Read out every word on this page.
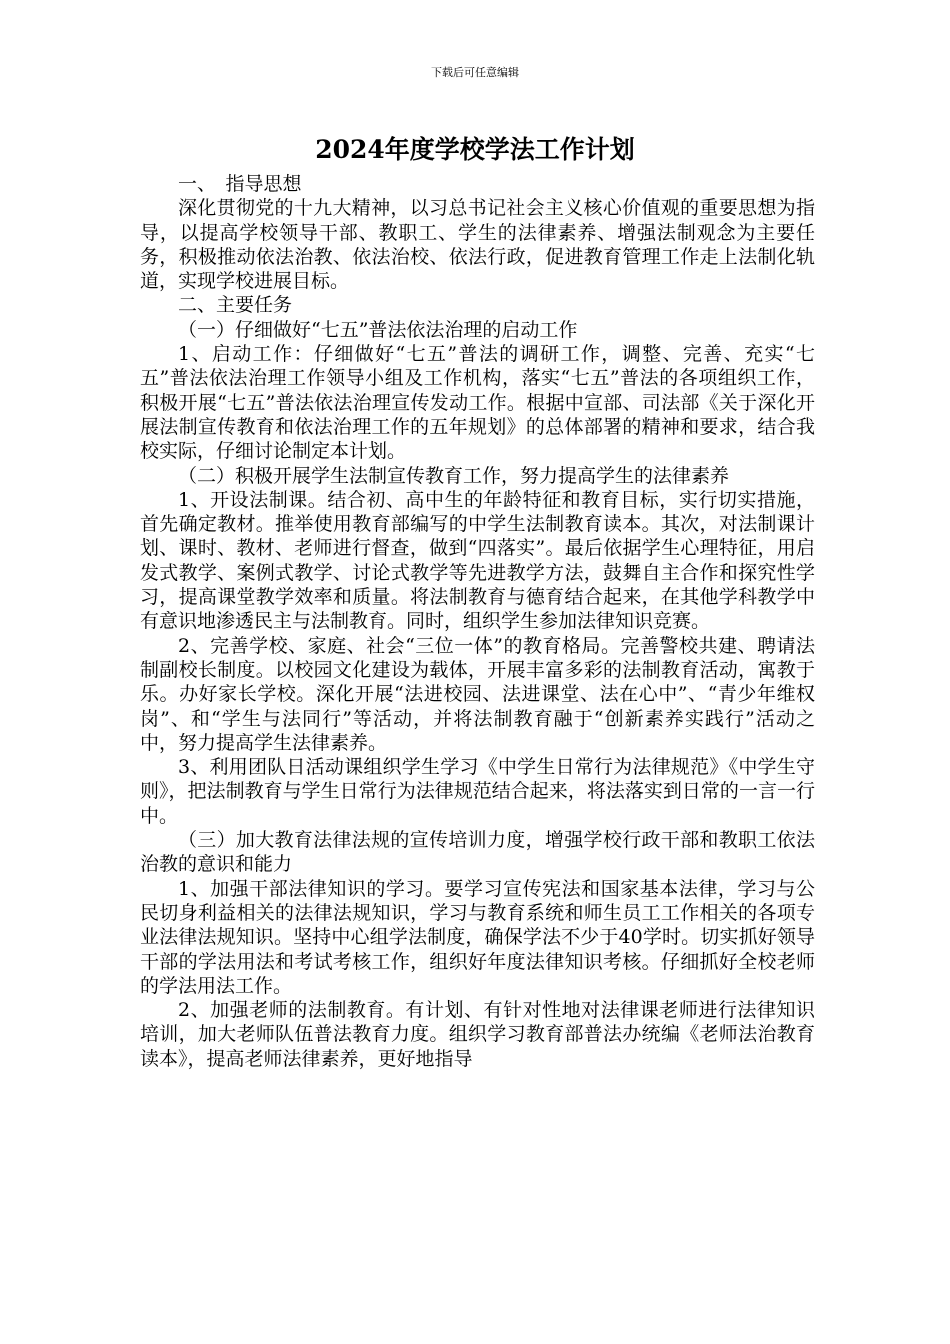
下载后可任意编辑
2024年度学校学法工作计划

一、　指导思想

深化贯彻党的十九大精神，以习总书记社会主义核心价值观的重要思想为指导，以提高学校领导干部、教职工、学生的法律素养、增强法制观念为主要任务，积极推动依法治教、依法治校、依法行政，促进教育管理工作走上法制化轨道，实现学校进展目标。

二、主要任务

（一）仔细做好“七五”普法依法治理的启动工作

1、启动工作：仔细做好“七五”普法的调研工作，调整、完善、充实“七五”普法依法治理工作领导小组及工作机构，落实“七五”普法的各项组织工作，积极开展“七五”普法依法治理宣传发动工作。根据中宣部、司法部《关于深化开展法制宣传教育和依法治理工作的五年规划》的总体部署的精神和要求，结合我校实际，仔细讨论制定本计划。

（二）积极开展学生法制宣传教育工作，努力提高学生的法律素养

1、开设法制课。结合初、高中生的年龄特征和教育目标，实行切实措施，首先确定教材。推举使用教育部编写的中学生法制教育读本。其次，对法制课计划、课时、教材、老师进行督查，做到“四落实”。最后依据学生心理特征，用启发式教学、案例式教学、讨论式教学等先进教学方法，鼓舞自主合作和探究性学习，提高课堂教学效率和质量。将法制教育与德育结合起来，在其他学科教学中有意识地渗透民主与法制教育。同时，组织学生参加法律知识竞赛。

2、完善学校、家庭、社会“三位一体”的教育格局。完善警校共建、聘请法制副校长制度。以校园文化建设为载体，开展丰富多彩的法制教育活动，寓教于乐。办好家长学校。深化开展“法进校园、法进课堂、法在心中”、“青少年维权岗”、和“学生与法同行”等活动，并将法制教育融于“创新素养实践行”活动之中，努力提高学生法律素养。

3、利用团队日活动课组织学生学习《中学生日常行为法律规范》《中学生守则》，把法制教育与学生日常行为法律规范结合起来，将法落实到日常的一言一行中。

（三）加大教育法律法规的宣传培训力度，增强学校行政干部和教职工依法治教的意识和能力

1、加强干部法律知识的学习。要学习宣传宪法和国家基本法律，学习与公民切身利益相关的法律法规知识，学习与教育系统和师生员工工作相关的各项专业法律法规知识。坚持中心组学法制度，确保学法不少于40学时。切实抓好领导干部的学法用法和考试考核工作，组织好年度法律知识考核。仔细抓好全校老师的学法用法工作。

2、加强老师的法制教育。有计划、有针对性地对法律课老师进行法律知识培训，加大老师队伍普法教育力度。组织学习教育部普法办统编《老师法治教育读本》，提高老师法律素养，更好地指导
